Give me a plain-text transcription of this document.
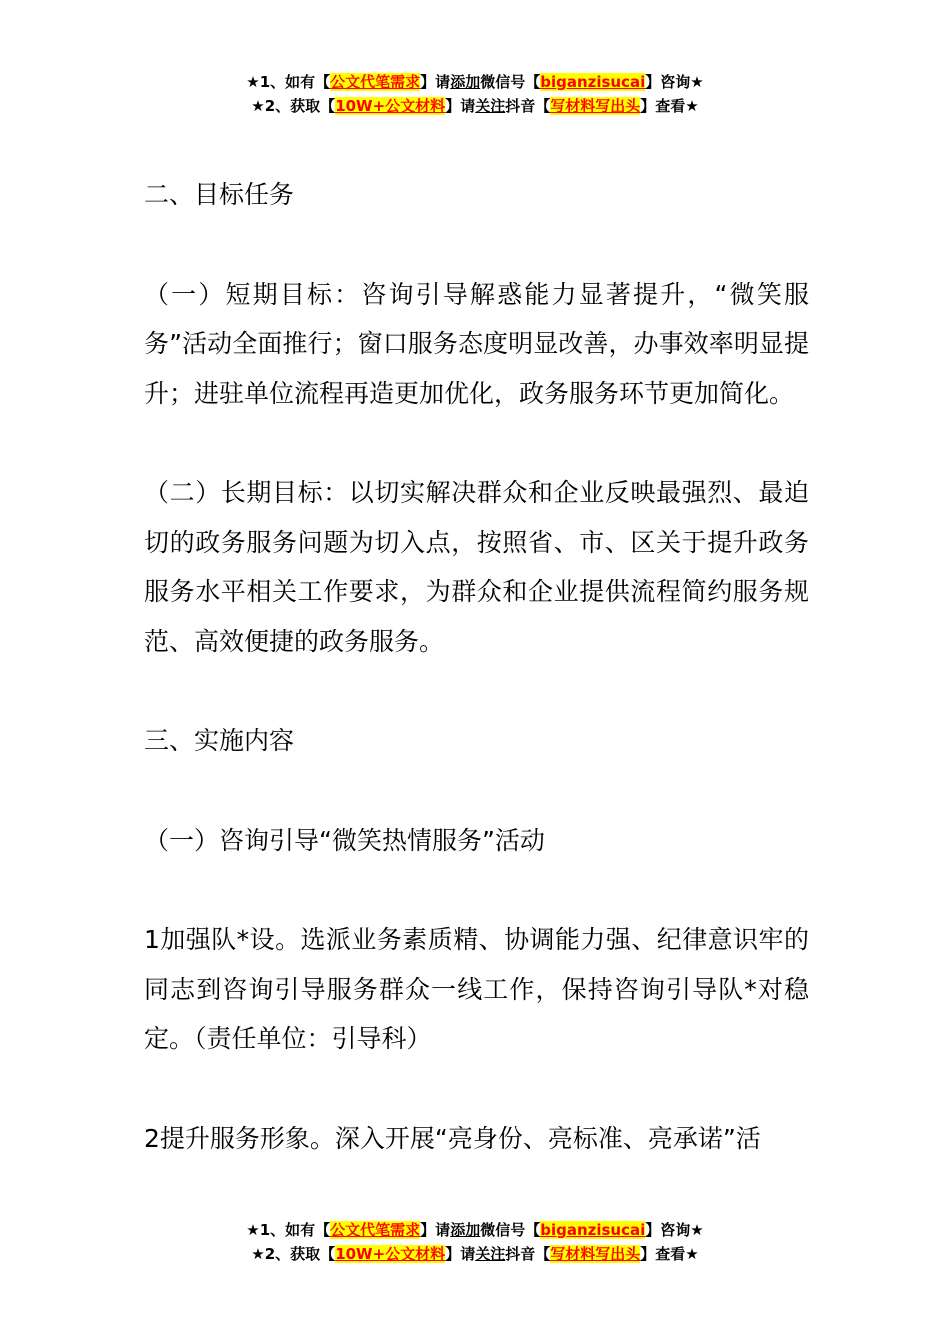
★1、如有【公文代笔需求】请添加微信号【biganzisucai】咨询★
★2、获取【10W+公文材料】请关注抖音【写材料写出头】查看★

二、目标任务

（一）短期目标：咨询引导解惑能力显著提升，“微笑服务”活动全面推行；窗口服务态度明显改善，办事效率明显提升；进驻单位流程再造更加优化，政务服务环节更加简化。

（二）长期目标：以切实解决群众和企业反映最强烈、最迫切的政务服务问题为切入点，按照省、市、区关于提升政务服务水平相关工作要求，为群众和企业提供流程简约服务规范、高效便捷的政务服务。

三、实施内容

（一）咨询引导“微笑热情服务”活动

1加强队*设。选派业务素质精、协调能力强、纪律意识牢的同志到咨询引导服务群众一线工作，保持咨询引导队*对稳定。（责任单位：引导科）

2提升服务形象。深入开展“亮身份、亮标准、亮承诺”活

★1、如有【公文代笔需求】请添加微信号【biganzisucai】咨询★
★2、获取【10W+公文材料】请关注抖音【写材料写出头】查看★
